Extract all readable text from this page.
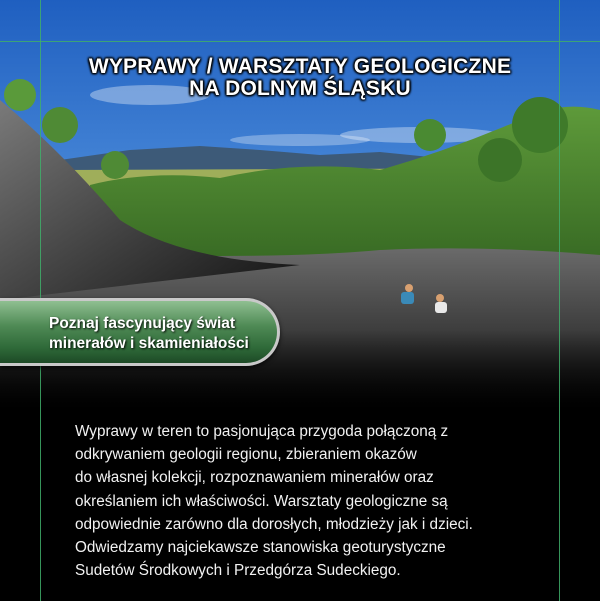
WYPRAWY / WARSZTATY GEOLOGICZNE
NA DOLNYM ŚLĄSKU
Poznaj fascynujący świat
minerałów i skamieniałości
Wyprawy w teren to pasjonująca przygoda połączoną z
odkrywaniem geologii regionu, zbieraniem okazów
do własnej kolekcji, rozpoznawaniem minerałów oraz
określaniem ich właściwości. Warsztaty geologiczne są
odpowiednie zarówno dla dorosłych, młodzieży jak i dzieci.
Odwiedzamy najciekawsze stanowiska geoturystyczne
Sudetów Środkowych i Przedgórza Sudeckiego.
